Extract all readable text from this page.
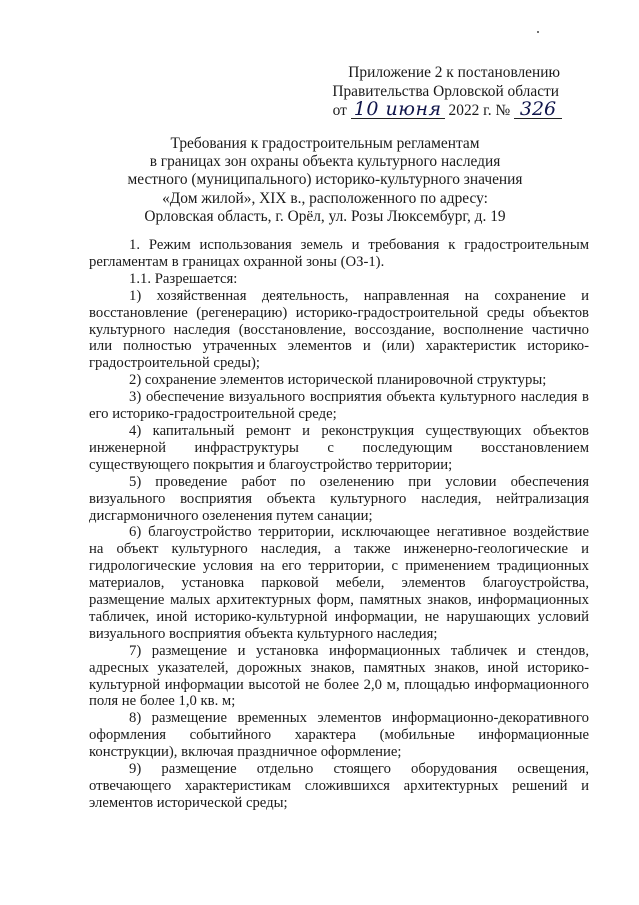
Приложение 2 к постановлению
Правительства Орловской области
от 10 июня 2022 г. № 326
Требования к градостроительным регламентам
в границах зон охраны объекта культурного наследия
местного (муниципального) историко-культурного значения
«Дом жилой», XIX в., расположенного по адресу:
Орловская область, г. Орёл, ул. Розы Люксембург, д. 19

1. Режим использования земель и требования к градостроительным регламентам в границах охранной зоны (ОЗ-1).

1.1. Разрешается:

1) хозяйственная деятельность, направленная на сохранение и восстановление (регенерацию) историко-градостроительной среды объектов культурного наследия (восстановление, воссоздание, восполнение частично или полностью утраченных элементов и (или) характеристик историко-градостроительной среды);

2) сохранение элементов исторической планировочной структуры;

3) обеспечение визуального восприятия объекта культурного наследия в его историко-градостроительной среде;

4) капитальный ремонт и реконструкция существующих объектов инженерной инфраструктуры с последующим восстановлением существующего покрытия и благоустройство территории;

5) проведение работ по озеленению при условии обеспечения визуального восприятия объекта культурного наследия, нейтрализация дисгармоничного озеленения путем санации;

6) благоустройство территории, исключающее негативное воздействие на объект культурного наследия, а также инженерно-геологические и гидрологические условия на его территории, с применением традиционных материалов, установка парковой мебели, элементов благоустройства, размещение малых архитектурных форм, памятных знаков, информационных табличек, иной историко-культурной информации, не нарушающих условий визуального восприятия объекта культурного наследия;

7) размещение и установка информационных табличек и стендов, адресных указателей, дорожных знаков, памятных знаков, иной историко-культурной информации высотой не более 2,0 м, площадью информационного поля не более 1,0 кв. м;

8) размещение временных элементов информационно-декоративного оформления событийного характера (мобильные информационные конструкции), включая праздничное оформление;

9) размещение отдельно стоящего оборудования освещения, отвечающего характеристикам сложившихся архитектурных решений и элементов исторической среды;
